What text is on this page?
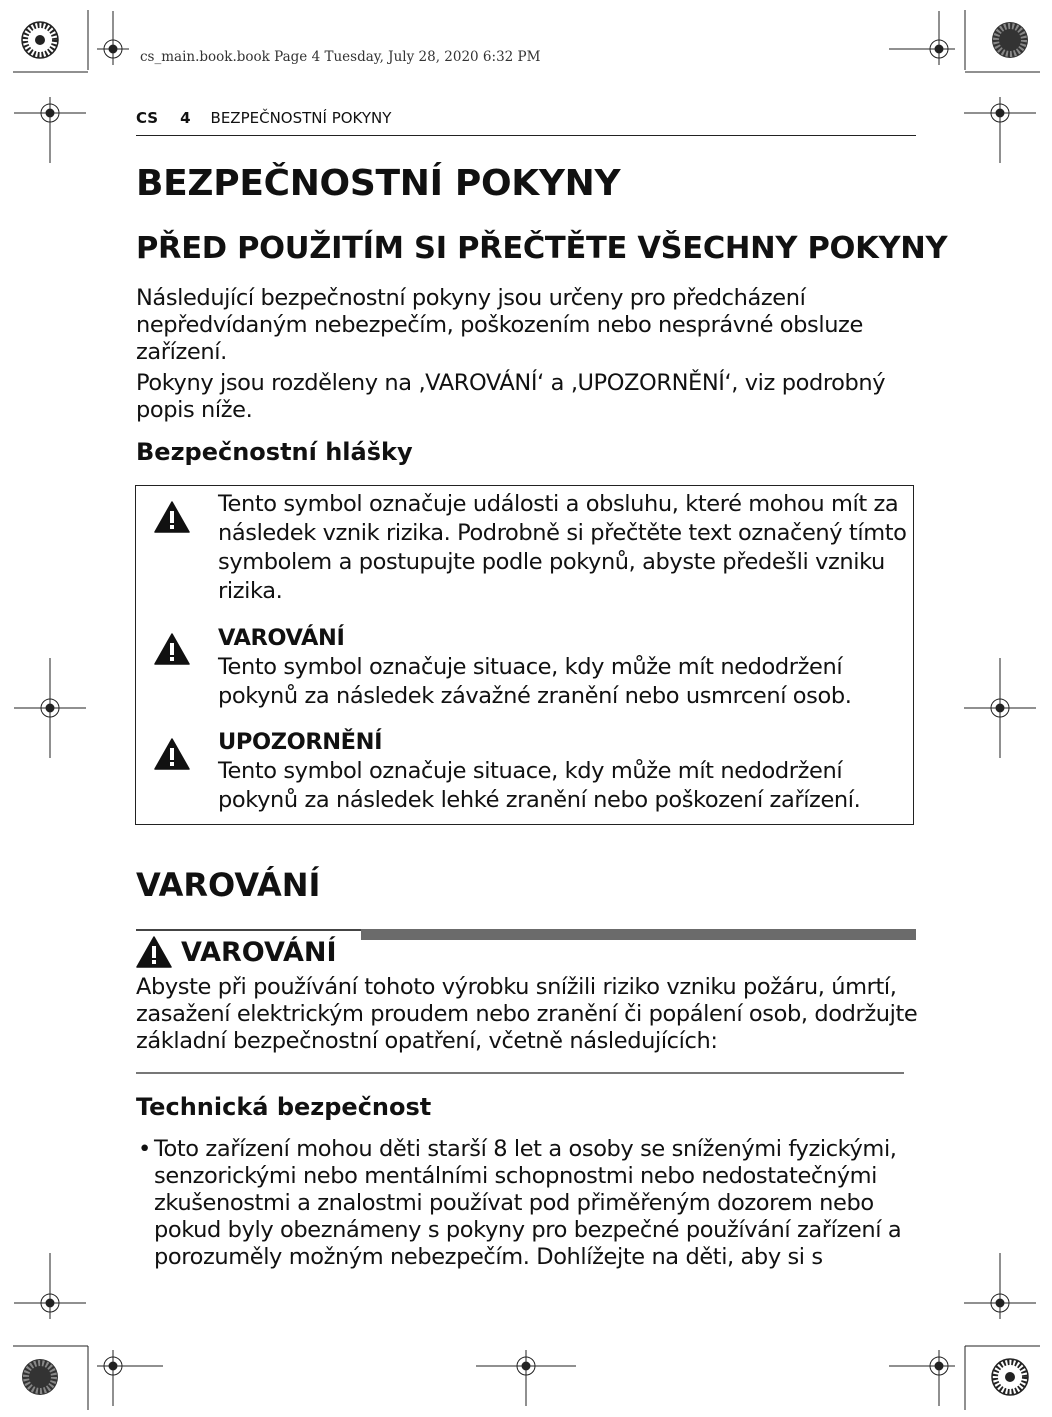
cs_main.book.book Page 4 Tuesday, July 28, 2020 6:32 PM
CS 4 BEZPEČNOSTNÍ POKYNY
BEZPEČNOSTNÍ POKYNY
PŘED POUŽITÍM SI PŘEČTĚTE VŠECHNY POKYNY

Následující bezpečnostní pokyny jsou určeny pro předcházení nepředvídaným nebezpečím, poškozením nebo nesprávné obsluze zařízení.

Pokyny jsou rozděleny na ‚VAROVÁNÍ‘ a ‚UPOZORNĚNÍ‘, viz podrobný popis níže.

Bezpečnostní hlášky
Tento symbol označuje události a obsluhu, které mohou mít za následek vznik rizika. Podrobně si přečtěte text označený tímto symbolem a postupujte podle pokynů, abyste předešli vzniku rizika.
VAROVÁNÍ
Tento symbol označuje situace, kdy může mít nedodržení pokynů za následek závažné zranění nebo usmrcení osob.
UPOZORNĚNÍ
Tento symbol označuje situace, kdy může mít nedodržení pokynů za následek lehké zranění nebo poškození zařízení.
VAROVÁNÍ
VAROVÁNÍ

Abyste při používání tohoto výrobku snížili riziko vzniku požáru, úmrtí, zasažení elektrickým proudem nebo zranění či popálení osob, dodržujte základní bezpečnostní opatření, včetně následujících:

Technická bezpečnost
• Toto zařízení mohou děti starší 8 let a osoby se sníženými fyzickými, senzorickými nebo mentálními schopnostmi nebo nedostatečnými zkušenostmi a znalostmi používat pod přiměřeným dozorem nebo pokud byly obeznámeny s pokyny pro bezpečné používání zařízení a porozuměly možným nebezpečím. Dohlížejte na děti, aby si s
